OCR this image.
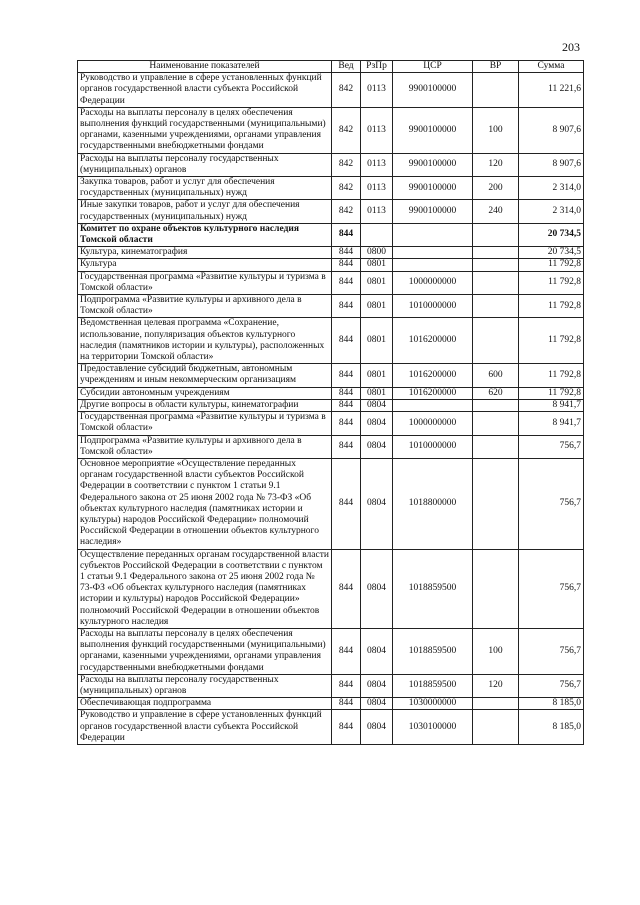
203
Наименование показателей	Вед	РзПр	ЦСР	ВР	Сумма
Руководство и управление в сфере установленных функций органов государственной власти субъекта Российской Федерации	842	0113	9900100000		11 221,6
Расходы на выплаты персоналу в целях обеспечения выполнения функций государственными (муниципальными) органами, казенными учреждениями, органами управления государственными внебюджетными фондами	842	0113	9900100000	100	8 907,6
Расходы на выплаты персоналу государственных (муниципальных) органов	842	0113	9900100000	120	8 907,6
Закупка товаров, работ и услуг для обеспечения государственных (муниципальных) нужд	842	0113	9900100000	200	2 314,0
Иные закупки товаров, работ и услуг для обеспечения государственных (муниципальных) нужд	842	0113	9900100000	240	2 314,0
Комитет по охране объектов культурного наследия Томской области	844				20 734,5
Культура, кинематография	844	0800			20 734,5
Культура	844	0801			11 792,8
Государственная программа «Развитие культуры и туризма в Томской области»	844	0801	1000000000		11 792,8
Подпрограмма «Развитие культуры и архивного дела в Томской области»	844	0801	1010000000		11 792,8
Ведомственная целевая программа «Сохранение, использование, популяризация объектов культурного наследия (памятников истории и культуры), расположенных на территории Томской области»	844	0801	1016200000		11 792,8
Предоставление субсидий бюджетным, автономным учреждениям и иным некоммерческим организациям	844	0801	1016200000	600	11 792,8
Субсидии автономным учреждениям	844	0801	1016200000	620	11 792,8
Другие вопросы в области культуры, кинематографии	844	0804			8 941,7
Государственная программа «Развитие культуры и туризма в Томской области»	844	0804	1000000000		8 941,7
Подпрограмма «Развитие культуры и архивного дела в Томской области»	844	0804	1010000000		756,7
Основное мероприятие «Осуществление переданных органам государственной власти субъектов Российской Федерации в соответствии с пунктом 1 статьи 9.1 Федерального закона от 25 июня 2002 года № 73-ФЗ «Об объектах культурного наследия (памятниках истории и культуры) народов Российской Федерации» полномочий Российской Федерации в отношении объектов культурного наследия»	844	0804	1018800000		756,7
Осуществление переданных органам государственной власти субъектов Российской Федерации в соответствии с пунктом 1 статьи 9.1 Федерального закона от 25 июня 2002 года № 73-ФЗ «Об объектах культурного наследия (памятниках истории и культуры) народов Российской Федерации» полномочий Российской Федерации в отношении объектов культурного наследия	844	0804	1018859500		756,7
Расходы на выплаты персоналу в целях обеспечения выполнения функций государственными (муниципальными) органами, казенными учреждениями, органами управления государственными внебюджетными фондами	844	0804	1018859500	100	756,7
Расходы на выплаты персоналу государственных (муниципальных) органов	844	0804	1018859500	120	756,7
Обеспечивающая подпрограмма	844	0804	1030000000		8 185,0
Руководство и управление в сфере установленных функций органов государственной власти субъекта Российской Федерации	844	0804	1030100000		8 185,0
